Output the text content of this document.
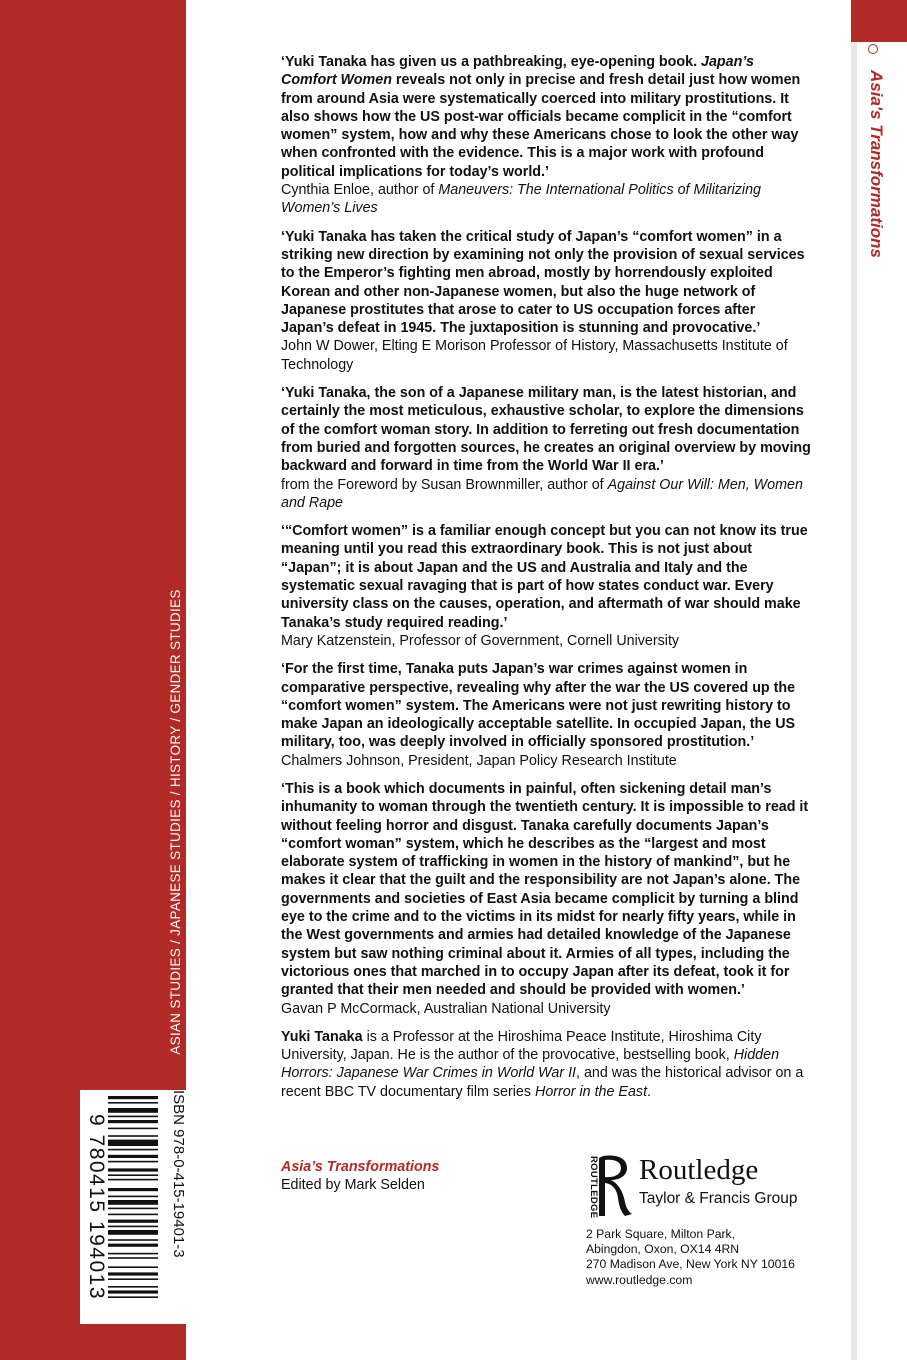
ASIAN STUDIES / JAPANESE STUDIES / HISTORY / GENDER STUDIES
9 780415 194013	ISBN 978-0-415-19401-3
Asia's Transformations
‘Yuki Tanaka has given us a pathbreaking, eye-opening book. Japan’s Comfort Women reveals not only in precise and fresh detail just how women from around Asia were systematically coerced into military prostitutions. It also shows how the US post-war officials became complicit in the “comfort women” system, how and why these Americans chose to look the other way when confronted with the evidence. This is a major work with profound political implications for today’s world.’
Cynthia Enloe, author of Maneuvers: The International Politics of Militarizing Women’s Lives
‘Yuki Tanaka has taken the critical study of Japan’s “comfort women” in a striking new direction by examining not only the provision of sexual services to the Emperor’s fighting men abroad, mostly by horrendously exploited Korean and other non-Japanese women, but also the huge network of Japanese prostitutes that arose to cater to US occupation forces after Japan’s defeat in 1945. The juxtaposition is stunning and provocative.’
John W Dower, Elting E Morison Professor of History, Massachusetts Institute of Technology
‘Yuki Tanaka, the son of a Japanese military man, is the latest historian, and certainly the most meticulous, exhaustive scholar, to explore the dimensions of the comfort woman story. In addition to ferreting out fresh documentation from buried and forgotten sources, he creates an original overview by moving backward and forward in time from the World War II era.’
from the Foreword by Susan Brownmiller, author of Against Our Will: Men, Women and Rape
‘“Comfort women” is a familiar enough concept but you can not know its true meaning until you read this extraordinary book. This is not just about “Japan”; it is about Japan and the US and Australia and Italy and the systematic sexual ravaging that is part of how states conduct war. Every university class on the causes, operation, and aftermath of war should make Tanaka’s study required reading.’
Mary Katzenstein, Professor of Government, Cornell University
‘For the first time, Tanaka puts Japan’s war crimes against women in comparative perspective, revealing why after the war the US covered up the “comfort women” system. The Americans were not just rewriting history to make Japan an ideologically acceptable satellite. In occupied Japan, the US military, too, was deeply involved in officially sponsored prostitution.’
Chalmers Johnson, President, Japan Policy Research Institute
‘This is a book which documents in painful, often sickening detail man’s inhumanity to woman through the twentieth century. It is impossible to read it without feeling horror and disgust. Tanaka carefully documents Japan’s “comfort woman” system, which he describes as the “largest and most elaborate system of trafficking in women in the history of mankind”, but he makes it clear that the guilt and the responsibility are not Japan’s alone. The governments and societies of East Asia became complicit by turning a blind eye to the crime and to the victims in its midst for nearly fifty years, while in the West governments and armies had detailed knowledge of the Japanese system but saw nothing criminal about it. Armies of all types, including the victorious ones that marched in to occupy Japan after its defeat, took it for granted that their men needed and should be provided with women.’
Gavan P McCormack, Australian National University
Yuki Tanaka is a Professor at the Hiroshima Peace Institute, Hiroshima City University, Japan. He is the author of the provocative, bestselling book, Hidden Horrors: Japanese War Crimes in World War II, and was the historical advisor on a recent BBC TV documentary film series Horror in the East.
Asia’s Transformations
Edited by Mark Selden	ROUTLEDGE Routledge
Taylor & Francis Group
2 Park Square, Milton Park,
Abingdon, Oxon, OX14 4RN
270 Madison Ave, New York NY 10016
www.routledge.com
